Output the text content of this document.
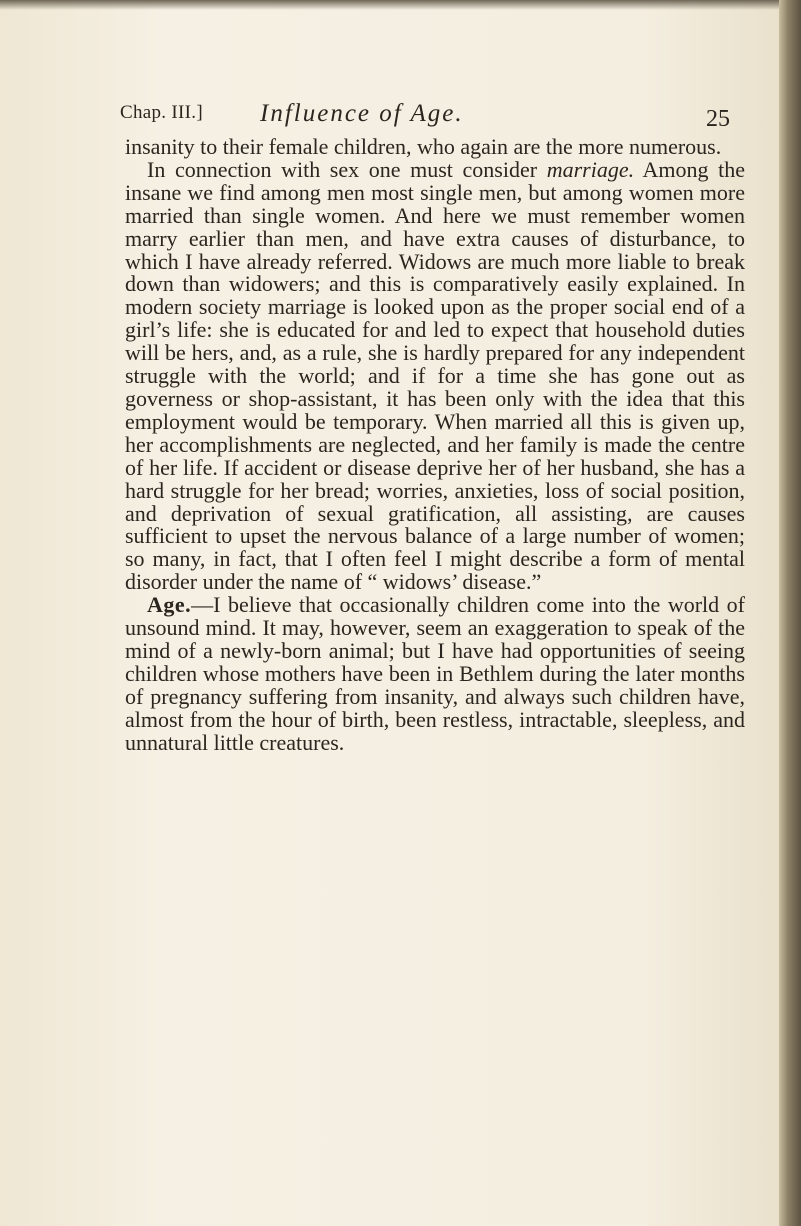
Chap. III.] Influence of Age.	25

insanity to their female children, who again are the more numerous.

In connection with sex one must consider marriage. Among the insane we find among men most single men, but among women more married than single women. And here we must remember women marry earlier than men, and have extra causes of disturbance, to which I have already referred. Widows are much more liable to break down than widowers; and this is comparatively easily explained. In modern society marriage is looked upon as the proper social end of a girl’s life: she is educated for and led to expect that household duties will be hers, and, as a rule, she is hardly prepared for any independent struggle with the world; and if for a time she has gone out as governess or shop-assistant, it has been only with the idea that this employment would be temporary. When married all this is given up, her accomplishments are neglected, and her family is made the centre of her life. If accident or disease deprive her of her husband, she has a hard struggle for her bread; worries, anxieties, loss of social position, and deprivation of sexual gratification, all assisting, are causes sufficient to upset the nervous balance of a large number of women; so many, in fact, that I often feel I might describe a form of mental disorder under the name of “ widows’ disease.”

Age.—I believe that occasionally children come into the world of unsound mind. It may, however, seem an exaggeration to speak of the mind of a newly-born animal; but I have had opportunities of seeing children whose mothers have been in Bethlem during the later months of pregnancy suffering from insanity, and always such children have, almost from the hour of birth, been restless, intractable, sleepless, and unnatural little creatures.
